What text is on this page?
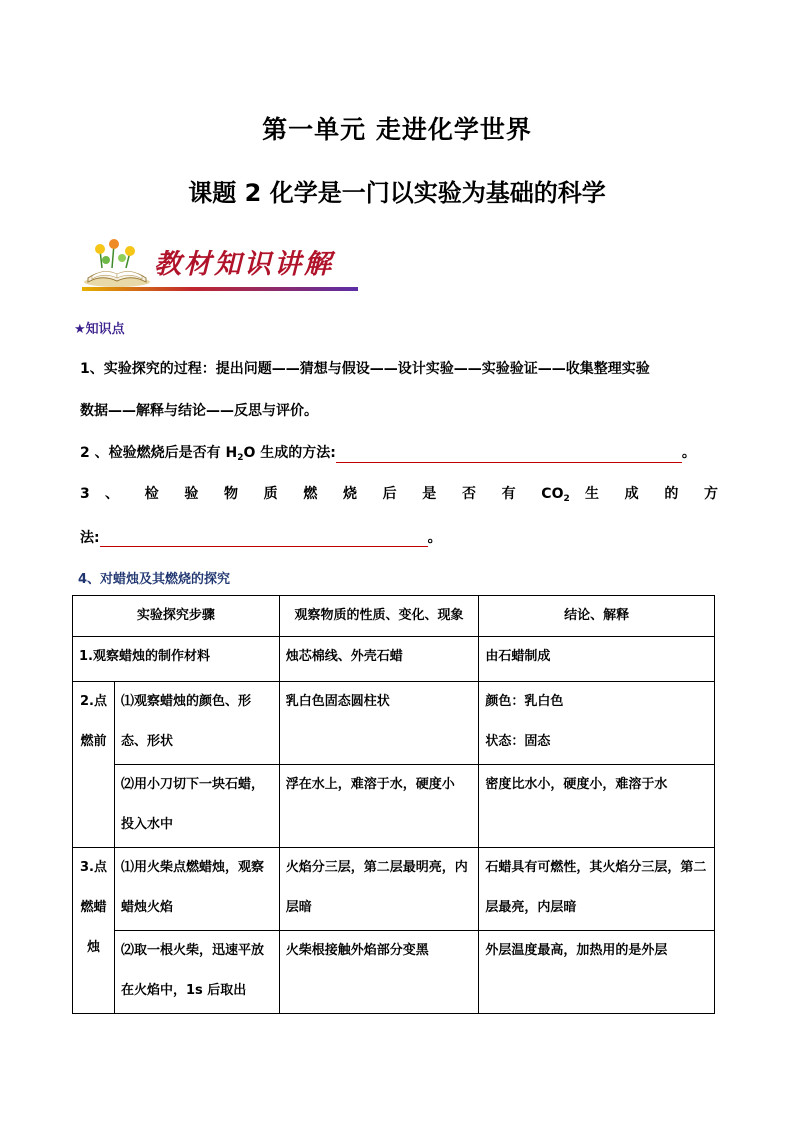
第一单元 走进化学世界
课题 2 化学是一门以实验为基础的科学
教材知识讲解
★知识点
1、实验探究的过程：提出问题——猜想与假设——设计实验——实验验证——收集整理实验
数据——解释与结论——反思与评价。
2 、检验燃烧后是否有 $H_2O$ 生成的方法:	。
3 、 检 验 物 质 燃 烧 后 是 否 有 $CO_2$ 生 成 的 方
法:	。
4、对蜡烛及其燃烧的探究
实验探究步骤		观察物质的性质、变化、现象	结论、解释
1.观察蜡烛的制作材料		烛芯棉线、外壳石蜡	由石蜡制成
2.点燃前	⑴观察蜡烛的颜色、形态、形状	乳白色固态圆柱状	颜色：乳白色
状态：固态

	⑵用小刀切下一块石蜡，投入水中	浮在水上，难溶于水，硬度小	密度比水小，硬度小，难溶于水
3.点燃蜡烛	⑴用火柴点燃蜡烛，观察蜡烛火焰	火焰分三层，第二层最明亮，内层暗	石蜡具有可燃性，其火焰分三层，第二层最亮，内层暗
	⑵取一根火柴，迅速平放在火焰中，1s 后取出	火柴根接触外焰部分变黑	外层温度最高，加热用的是外层
